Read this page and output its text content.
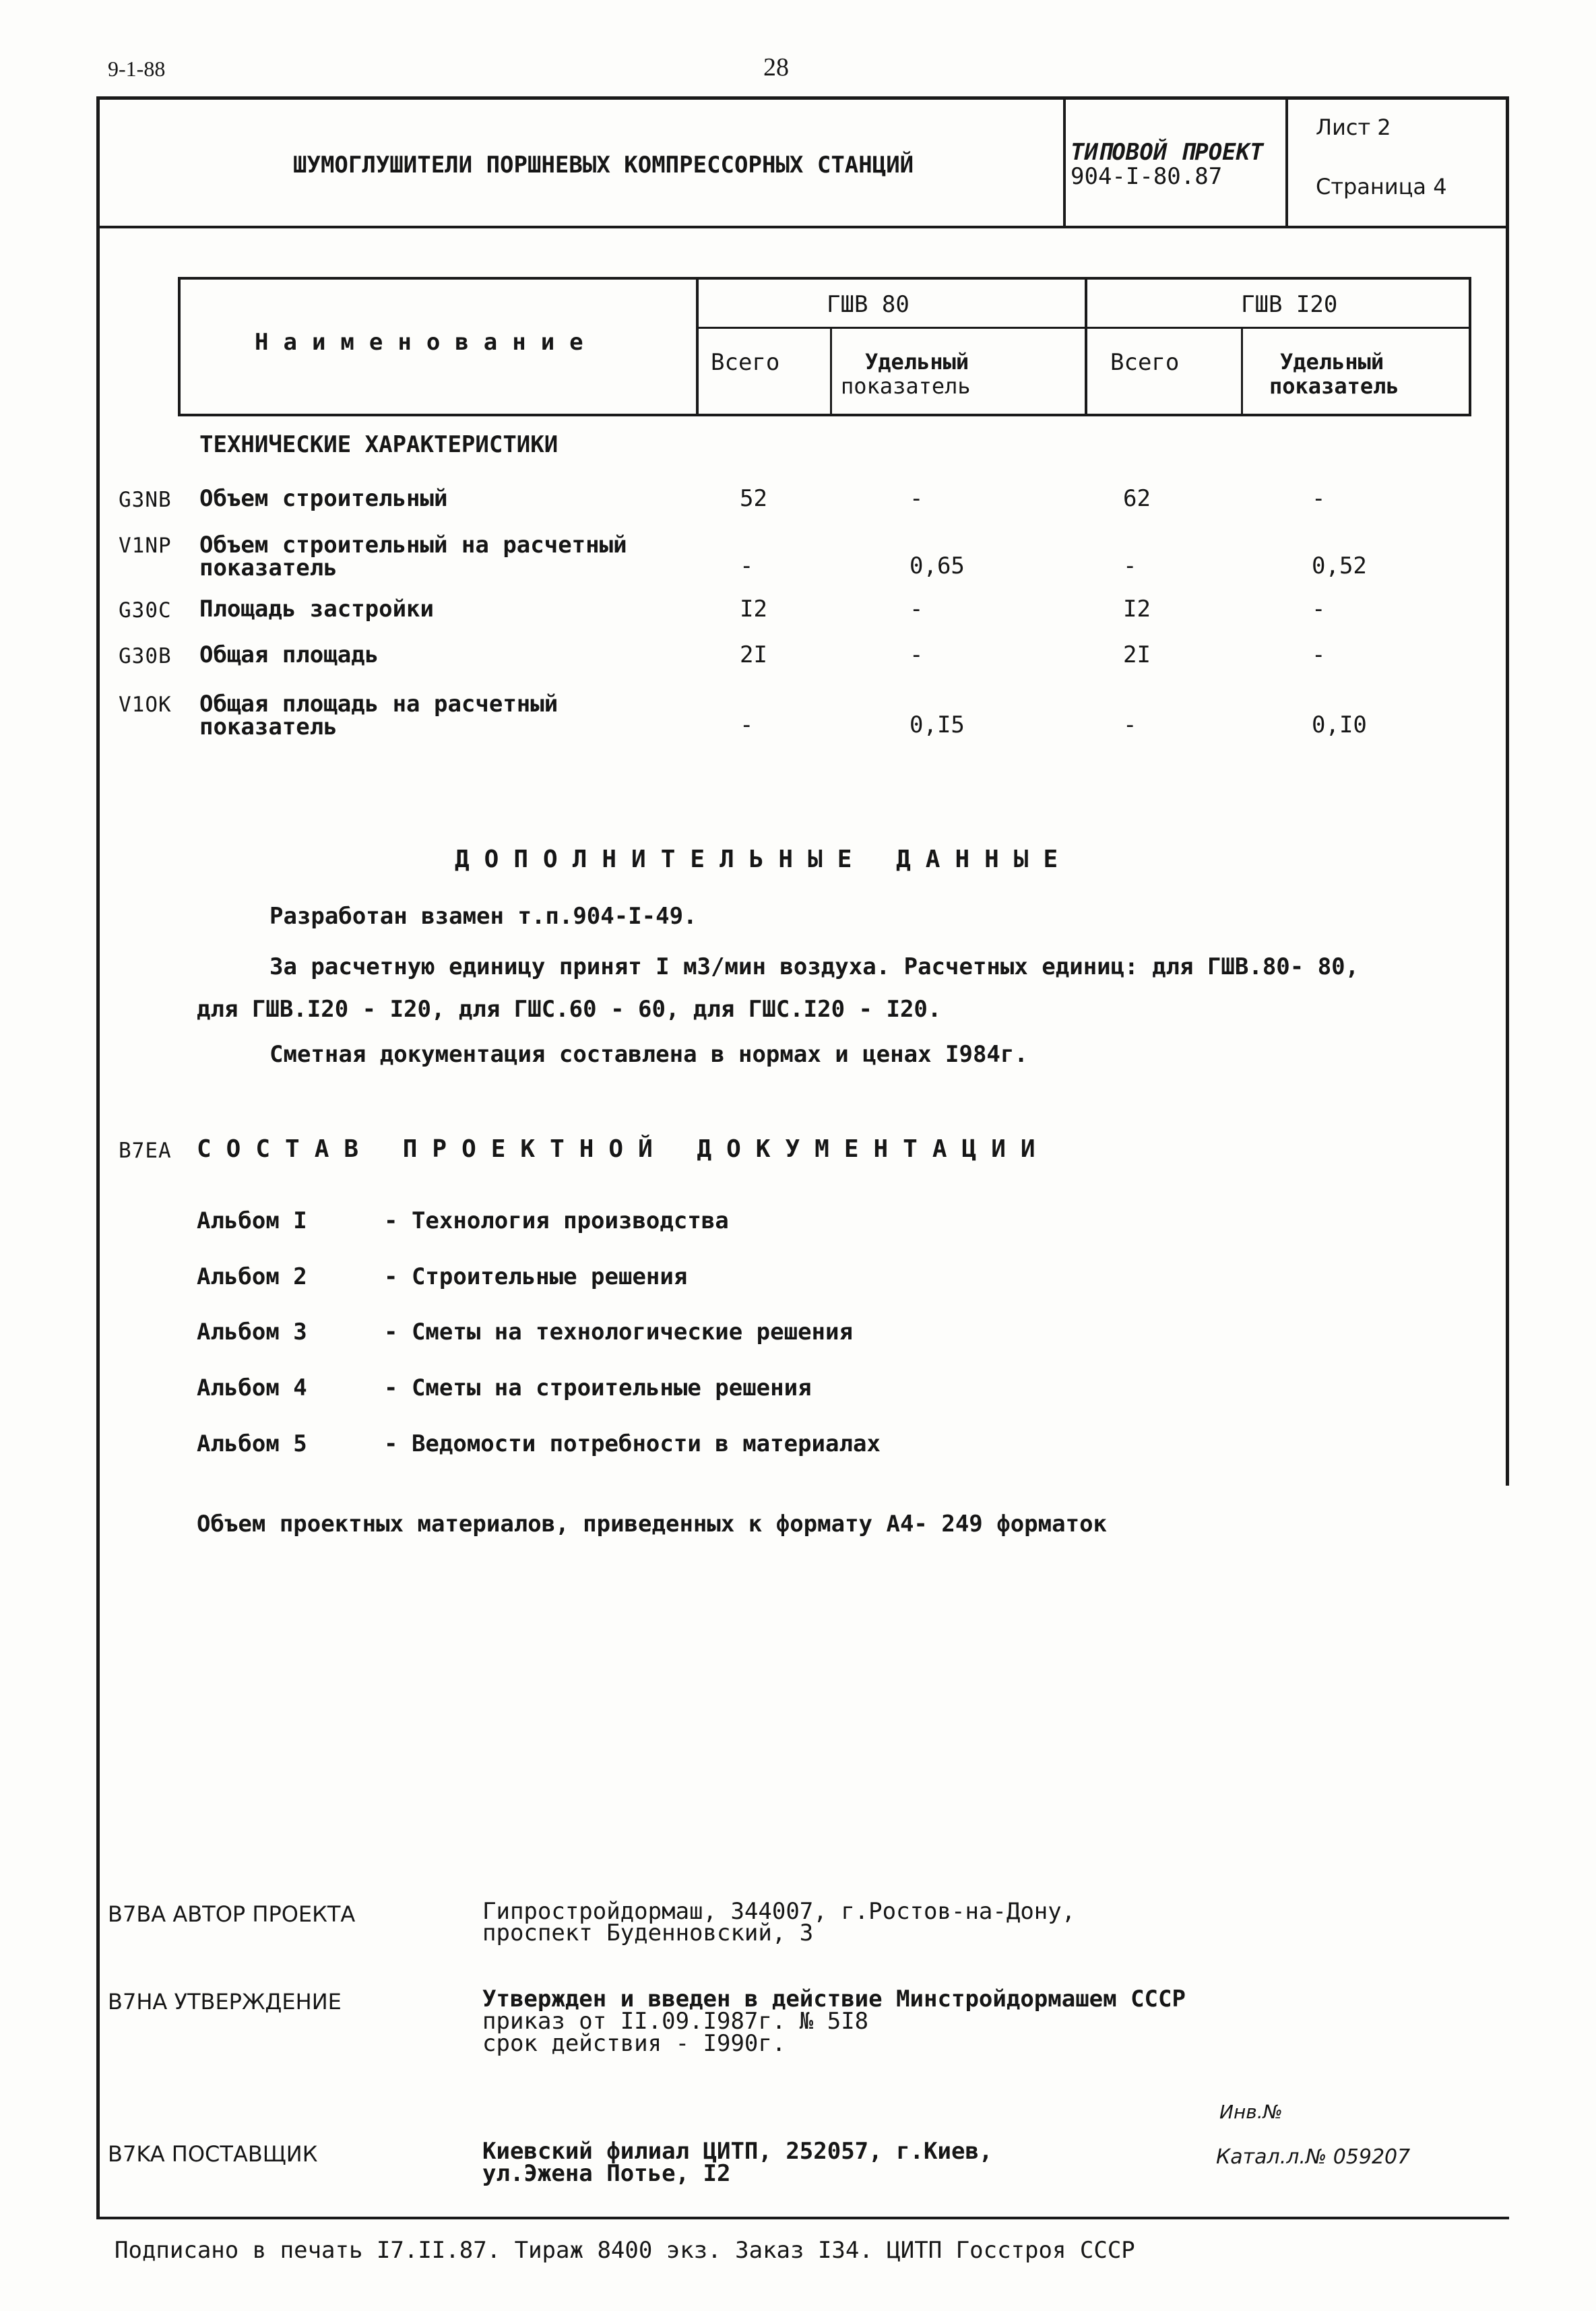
9-1-88	28
ШУМОГЛУШИТЕЛИ ПОРШНЕВЫХ КОМПРЕССОРНЫХ СТАНЦИЙ	ТИПОВОЙ ПРОЕКТ
904-I-80.87
Лист 2
Страница 4
Наименование
ГШВ 80	ГШВ I20
Всего	Удельный
показатель
Всего	Удельный
показатель
ТЕХНИЧЕСКИЕ ХАРАКТЕРИСТИКИ
G3NB Объем строительный	52	-	62	-
V1NP Объем строительный на расчетный
показатель	-	0,65	-	0,52
G30C Площадь застройки	I2	-	I2	-
G30B Общая площадь	2I	-	2I	-
V1OK Общая площадь на расчетный
показатель	-	0,I5	-	0,I0
ДОПОЛНИТЕЛЬНЫЕ ДАННЫЕ
Разработан взамен т.п.904-I-49.
За расчетную единицу принят I м3/мин воздуха. Расчетных единиц: для ГШВ.80- 80,
для ГШВ.I20 - I20, для ГШС.60 - 60, для ГШС.I20 - I20.
Сметная документация составлена в нормах и ценах I984г.
B7EA СОСТАВ ПРОЕКТНОЙ ДОКУМЕНТАЦИИ
Альбом I	- Технология производства
Альбом 2	- Строительные решения
Альбом 3	- Сметы на технологические решения
Альбом 4	- Сметы на строительные решения
Альбом 5	- Ведомости потребности в материалах
Объем проектных материалов, приведенных к формату А4- 249 форматок
B7BA АВТОР ПРОЕКТА	Гипростройдормаш, 344007, г.Ростов-на-Дону,
проспект Буденновский, 3
B7HA УТВЕРЖДЕНИЕ	Утвержден и введен в действие Минстройдормашем СССР
приказ от II.09.I987г. № 5I8
срок действия - I990г.
Инв.№
B7KA ПОСТАВЩИК	Киевский филиал ЦИТП, 252057, г.Киев,
ул.Эжена Потье, I2
Катал.л.№ 059207
Подписано в печать I7.II.87. Тираж 8400 экз. Заказ I34. ЦИТП Госстроя СССР
